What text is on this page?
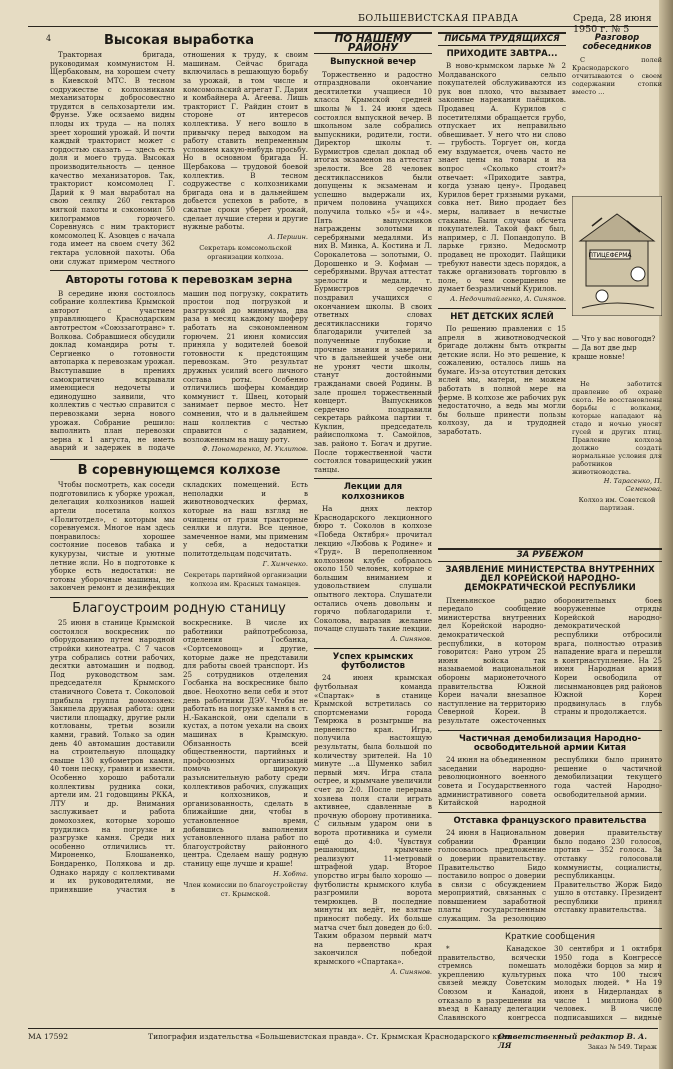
БОЛЬШЕВИСТСКАЯ ПРАВДА	Среда, 28 июня 1950 г. № 5
4	Высокая выработка

Тракторная бригада, руководимая коммунистом Н. Щербаковым, на хорошем счету в Киевской МТС. В тесном содружестве с колхозниками механизаторы добросовестно трудятся в сельхозартели им. Фрунзе. Уже осязаемо видны плоды их труда — на полях зреет хороший урожай. И почти каждый тракторист может с гордостью сказать — здесь есть доля и моего труда. Высокая производительность — ценное качество механизаторов. Так, тракторист комсомолец Г. Дарий к 9 мая выработал на свою сеялку 260 гектаров мягкой пахоты и сэкономил 50 килограммов горючего. Соревнуясь с ним тракторист комсомолец К. Азовцев с начала года имеет на своем счету 362 гектара условной пахоты. Оба они служат примером честного отношения к труду, к своим машинам. Сейчас бригада включилась в решающую борьбу за урожай, в том числе и комсомольский агрегат Г. Дария и комбайнера А. Агеева. Лишь тракторист Г. Райдин стоит в стороне от интересов коллектива. У него вошло в привычку перед выходом на работу ставить непременным условием какую-нибудь просьбу. Но в основном бригада Н. Щербакова — трудовой боевой коллектив. В тесном содружестве с колхозниками бригада она и в дальнейшем добьется успехов в работе, в сжатые сроки уберет урожай, сделает лучшие стерни и другие нужные работы.

А. Першин.
Секретарь комсомольской организации колхоза.
Автороты готова к перевозкам зерна

В середине июня состоялось собрание коллектива Крымской авторот с участием управляющего Краснодарским автотрестом «Союззаготранс» т. Волкова. Собравшиеся обсудили доклад командира роты т. Сергиенко о готовности автопарка к перевозкам урожая. Выступавшие в прениях самокритично вскрывали имеющиеся недочеты и единодушно заявили, что коллектив с честью справится с перевозками зерна нового урожая. Собрание решило: выполнить план перевозки зерна к 1 августа, не иметь аварий и задержек в подаче машин под погрузку, сократить простои под погрузкой и разгрузкой до минимума, два раза в месяц каждому шоферу работать на сэкономленном горючем. 21 июня комиссия приняла у водителей боевой готовности к предстоящим перевозкам. Это результат дружных усилий всего личного состава роты. Особенно отличились шоферы командир коммунист т. Швец, который занимает первое место. Нет сомнения, что и в дальнейшем наш коллектив с честью справится с заданием, возложенным на нашу роту.

Ф. Пономаренко, М. Уклитов.
В соревнующемся колхозе

Чтобы посмотреть, как соседи подготовились к уборке урожая, делегация колхозников нашей артели посетила колхоз «Политотдел», с которым мы соревнуемся. Многое нам здесь понравилось: хорошее состояние посевов табака и кукурузы, чистые и уютные летние ясли. Но в подготовке к уборке есть недостатки: не готовы уборочные машины, не закончен ремонт и дезинфекция складских помещений. Есть неполадки и в животноводческих фермах, которые на наш взгляд не очищены от грязи тракторные сеялки и плуги. Все ценное, замеченное нами, мы применим у себя, а недостатки политотдельцам подсчитать.

Г. Химченко.
Секретарь партийной организации колхоза им. Красных таманцев.
Благоустроим родную станицу

25 июня в станице Крымской состоялся воскресник по оборудованию путем народной стройки кинотеатра. С 7 часов утра собрались сотни рабочих, десятки автомашин и подвод. Под руководством зам. председателя Крымского станичного Совета т. Соколовой прибыла группа домохозяек: Закипела дружная работа: одни чистили площадку, другие рыли котлованы, третьи возили камни, гравий. Только за один день 40 автомашин доставили на строительную площадку свыше 130 кубометров камня, 40 тонн песку, гравия и извести. Особенно хорошо работали коллективы рудника соки, артели им. 21 годовщины РККА, ЛТУ и др. Внимания заслуживает и работа домохозяек, которые хорошо трудились на погрузке и разгрузке камня. Среди них особенно отличились тт. Мироненко, Блошаненко, Бондаренко, Полякова и др. Однако наряду с коллективами и их руководителями, не принявшие участия в воскреснике. В числе их работники райпотребсоюза, отделения Госбанка, «Сортсемовощ» и другие, которые даже не представили для работы своей транспорт. Из 25 сотрудников отделения Госбанка на воскреснике было двое. Неохотно вели себя и этот день работники ДЭУ. Чтобы не работать на погрузке камня в ст. Н.-Баканской, они сделали в кустах, а потом уехали на своих машинах в Крымскую. Обязанность всей общественности, партийных и профсоюзных организаций помочь широкую разъяснительную работу среди коллективов рабочих, служащих и колхозников, и организованность, сделать в ближайшие дни, чтобы в установленное время, добившись выполнения установленного плана работ по благоустройству районного центра. Сделаем нашу родную станицу еще лучше и краше!

Н. Хобта.
Член комиссии по благоустройству ст. Крымской.
ПО НАШЕМУ РАЙОНУ
Выпускной вечер

Торжественно и радостно отпраздновали окончание десятилетки учащиеся 10 класса Крымской средней школы № 1. 24 июня здесь состоялся выпускной вечер. В школьном зале собрались выпускники, родители, гости. Директор школы т. Бурмистров сделал доклад об итогах экзаменов на аттестат зрелости. Все 28 человек десятиклассников были допущены к экзаменам и успешно выдержали их, причем половина учащихся получила только «5» и «4». Пять выпускников награждены золотыми и серебряными медалями. Из них В. Минка, А. Костина и Л. Сорокалетова — золотыми, О. Дорошенко и Э. Кофман — серебряными. Вручая аттестат зрелости и медали, т. Бурмистров сердечно поздравил учащихся с окончанием школы. В своих ответных словах десятиклассники горячо благодарили учителей за полученные глубокие и прочные знания и заверили, что в дальнейшей учебе они не уронят чести школы, станут достойными гражданами своей Родины. В зале прошел торжественный концерт. Выпускников сердечно поздравили секретарь райкома партии т. Куклин, председатель райисполкома т. Самойлов, зав. районо т. Богач и другие. После торжественной части состоялся товарищеский ужин танцы.

Лекции для колхозников

На днях лектор Краснодарского лекционного бюро т. Соколов в колхозе «Победа Октября» прочитал лекцию «Любовь к Родине» и «Труд». В переполненном колхозном клубе собралось около 150 человек, которые с большим вниманием и удовольствием слушали опытного лектора. Слушатели остались очень довольны и горячо поблагодарили т. Соколова, выразив желание почаще слушать такие лекции.

А. Синянов.
Успех крымских футболистов

24 июня крымская футбольная команда «Спартак» в станице Крымской встретилась со спортсменами города Темрюка в розыгрыше на первенство края. Игра, получила настоящую результаты, была большой по количеству зрителей. На 10 минуте ...а Шуменко забил первый мяч. Игра стала острее, и крымчане увеличили счет до 2:0. После перерыва хозяева поля стали играть активнее, сдавленные в прочную оборону противника. С сильным ударом они в ворота противника и сумели ещё до 4:0. Чувствуя решающим, крымчане реализуют 11-метровый штрафной удар. Второе упорство игры было хорошо — футболисты крымского клуба разгромили ворота темрюкцев. В последние минуты их ведёт, не взятые приносят победу. Их больше матча счет был доведен до 6:0. Таким образом первый матч на первенство края закончился победой крымского «Спартака».

А. Синянов.
ПИСЬМА ТРУДЯЩИХСЯ
ПРИХОДИТЕ ЗАВТРА...

В ново-крымском ларьке № 2 Молдаванского сельпо покупателей обслуживаются из рук вон плохо, что вызывает законные нарекания паёщиков. Продавец А. Курилов с посетителями обращается грубо, отпускает их неправильно обвешивает. У него что ни слово — грубость. Торгует он, когда ему вздумается, очень часто не знает цены на товары и на вопрос «Сколько стоит?» отвечает: «Приходите завтра, когда узнаю цену». Продавец Курилов берет грязными руками, совка нет. Вино продает без меры, наливает в нечистые стаканы. Были случаи обсчета покупателей. Такой факт был, например, с Л. Попандопуло. В ларьке грязно. Медосмотр продавец не проходит. Пайщики требуют навести здесь порядок, а также организовать торговлю в поле, о чем совершенно не думает безразличный Курилов.

А. Недочитайленко, А. Синянов.
НЕТ ДЕТСКИХ ЯСЛЕЙ

По решению правления с 15 апреля в животноводческой бригаде должны быть открыты детские ясли. Но это решение, к сожалению, осталось лишь на бумаге. Из-за отсутствия детских яслей мы, матери, не можем работать в полной мере на ферме. В колхозе же рабочих рук недостаточно, а ведь мы могли бы больше принести пользы колхозу, да и трудодней заработать.

Разговор собеседников

С полей Краснодарского отчитываются о своем содержании стопки вместо ...

ПТИЦЕФЕРМА
— Что у вас новогодн? — Да вот две дыр крыше новые!

Не заботится правление об охране скота. Не восстановлены борьбы с волками, которые нападают на стадо и ночью уносят гусей и других птиц. Правление колхоза должно создать нормальные условия для работников животноводства.

Н. Тарасенко, П. Семенова.
Колхоз им. Советской партизан.
ЗА РУБЕЖОМ
ЗАЯВЛЕНИЕ МИНИСТЕРСТВА ВНУТРЕННИХ ДЕЛ КОРЕЙСКОЙ НАРОДНО-ДЕМОКРАТИЧЕСКОЙ РЕСПУБЛИКИ

Пхеньянское радио передало сообщение министерства внутренних дел Корейской народно-демократической республики, в котором говорится: Рано утром 25 июня войска так называемой национальной обороны марионеточного правительства Южной Кореи начали внезапное наступление на территорию Северной Кореи. В результате ожесточенных оборонительных боев вооруженные отряды Корейской народно-демократической республики отбросили врага, полностью отразив нападение врага и перешли в контрнаступление. На 25 июня Народная армия Кореи освободила от лисынмановцев ряд районов Южной Кореи продвинулась в глубь страны и продолжается.

Частичная демобилизация Народно-освободительной армии Китая

24 июня на объединенном заседании народно-революционного военного совета и Государственного административного совета Китайской народной республики было принято решение о частичной демобилизации текущего года частей Народно-освободительной армии.

Отставка французского правительства

24 июня в Национальном собрании Франции голосовалось предложение о доверии правительству. Правительство Бидо поставило вопрос о доверии в связи с обсуждением мероприятий, связанных с повышением заработной платы государственным служащим. За резолюцию доверия правительству было подано 230 голосов, против — 352 голоса. За отставку голосовали коммунисты, социалисты, республиканцы. Правительство Жорж Бидо ушло в отставку. Президент республики принял отставку правительства.

Краткие сообщения

* Канадское правительство, всячески стремясь помешать укреплению культурных связей между Советским Союзом и Канадой, отказало в разрешении на въезд в Канаду делегации Славянского конгресса 30 сентября и 1 октября 1950 года в Конгрессе молодёжи борцов за мир и пока что 100 тысяч молодых людей. * На 19 июня в Нидерландах в числе 1 миллиона 600 человек. В числе подписавшихся — видные

МА 17592	Типография издательства «Большевистская правда». Ст. Крымская Краснодарского края
Ответственный редактор В. А. ЛЯ	Заказ № 549. Тираж
